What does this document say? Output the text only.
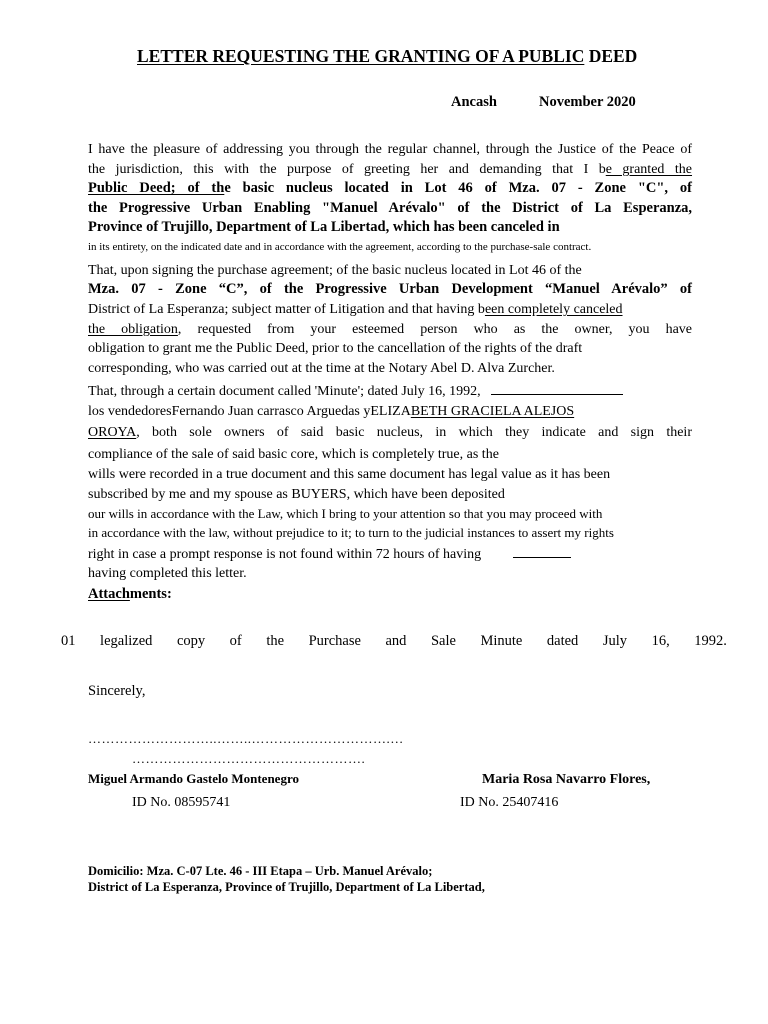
LETTER REQUESTING THE GRANTING OF A PUBLIC DEED
Ancash	November 2020
I have the pleasure of addressing you through the regular channel, through the Justice of the Peace of
the jurisdiction, this with the purpose of greeting her and demanding that I be granted the
Public Deed; of the basic nucleus located in Lot 46 of Mza. 07 - Zone "C", of
the Progressive Urban Enabling "Manuel Arévalo" of the District of La Esperanza,
Province of Trujillo, Department of La Libertad, which has been canceled in
in its entirety, on the indicated date and in accordance with the agreement, according to the purchase-sale contract.
That, upon signing the purchase agreement; of the basic nucleus located in Lot 46 of the
Mza. 07 - Zone “C”, of the Progressive Urban Development “Manuel Arévalo” of
District of La Esperanza; subject matter of Litigation and that having been completely canceled
the obligation, requested from your esteemed person who as the owner, you have
obligation to grant me the Public Deed, prior to the cancellation of the rights of the draft
corresponding, who was carried out at the time at the Notary Abel D. Alva Zurcher.
That, through a certain document called 'Minute'; dated July 16, 1992,
los vendedoresFernando Juan carrasco Arguedas yELIZABETH GRACIELA ALEJOS
OROYA, both sole owners of said basic nucleus, in which they indicate and sign their
compliance of the sale of said basic core, which is completely true, as the
wills were recorded in a true document and this same document has legal value as it has been
subscribed by me and my spouse as BUYERS, which have been deposited
our wills in accordance with the Law, which I bring to your attention so that you may proceed with
in accordance with the law, without prejudice to it; to turn to the judicial instances to assert my rights
right in case a prompt response is not found within 72 hours of having
having completed this letter.
Attachments:
01 legalized copy of the Purchase and Sale Minute dated July 16, 1992.
Sincerely,
………………………..……..………………………….…
…………………………………………….
Miguel Armando Gastelo Montenegro	Maria Rosa Navarro Flores,
ID No. 08595741	ID No. 25407416
Domicilio: Mza. C-07 Lte. 46 - III Etapa – Urb. Manuel Arévalo;
District of La Esperanza, Province of Trujillo, Department of La Libertad,
